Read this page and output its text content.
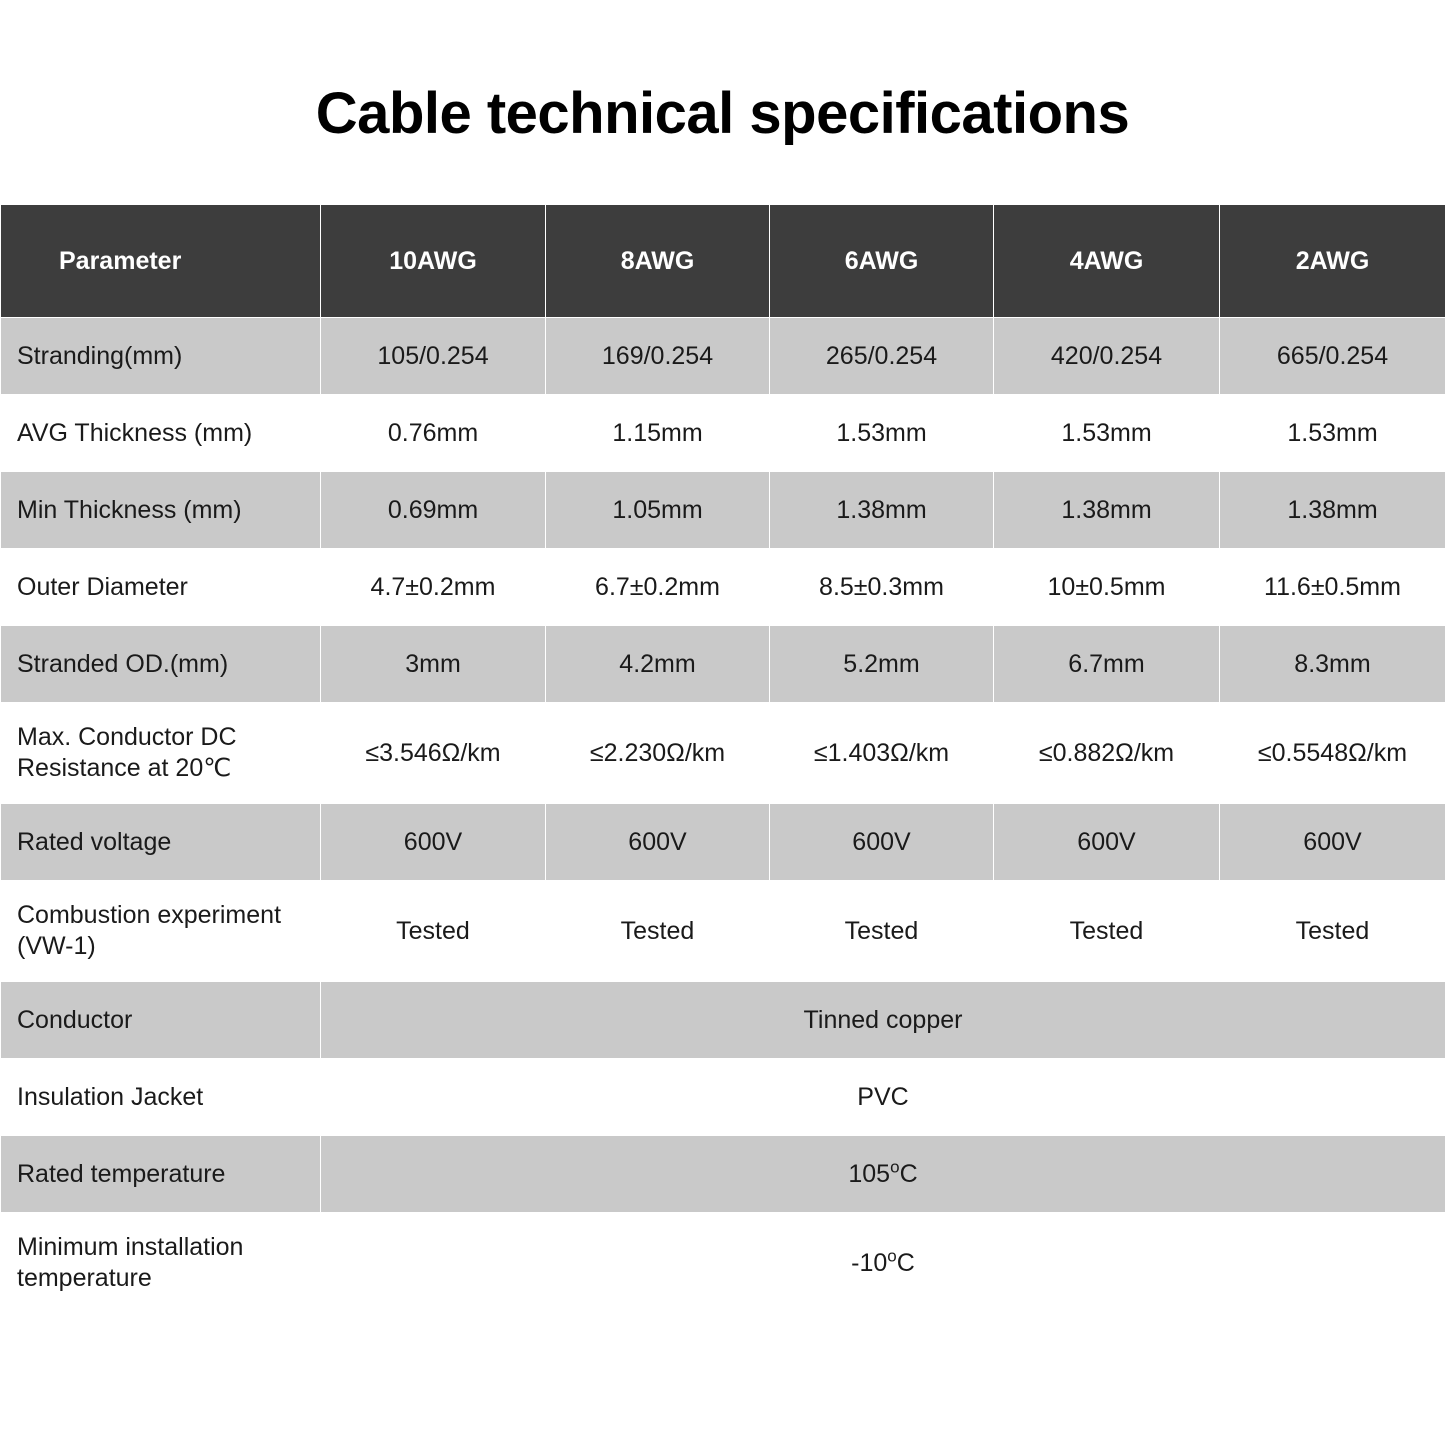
Cable technical specifications
Parameter	10AWG	8AWG	6AWG	4AWG	2AWG
Stranding(mm)	105/0.254	169/0.254	265/0.254	420/0.254	665/0.254
AVG Thickness (mm)	0.76mm	1.15mm	1.53mm	1.53mm	1.53mm
Min Thickness (mm)	0.69mm	1.05mm	1.38mm	1.38mm	1.38mm
Outer Diameter	4.7±0.2mm	6.7±0.2mm	8.5±0.3mm	10±0.5mm	11.6±0.5mm
Stranded OD.(mm)	3mm	4.2mm	5.2mm	6.7mm	8.3mm
Max. Conductor DC Resistance at 20℃	≤3.546Ω/km	≤2.230Ω/km	≤1.403Ω/km	≤0.882Ω/km	≤0.5548Ω/km
Rated voltage	600V	600V	600V	600V	600V
Combustion experiment (VW-1)	Tested	Tested	Tested	Tested	Tested
Conductor	Tinned copper				
Insulation Jacket	PVC				
Rated temperature	105$^o$C				
Minimum installation temperature	-10$^o$C				
